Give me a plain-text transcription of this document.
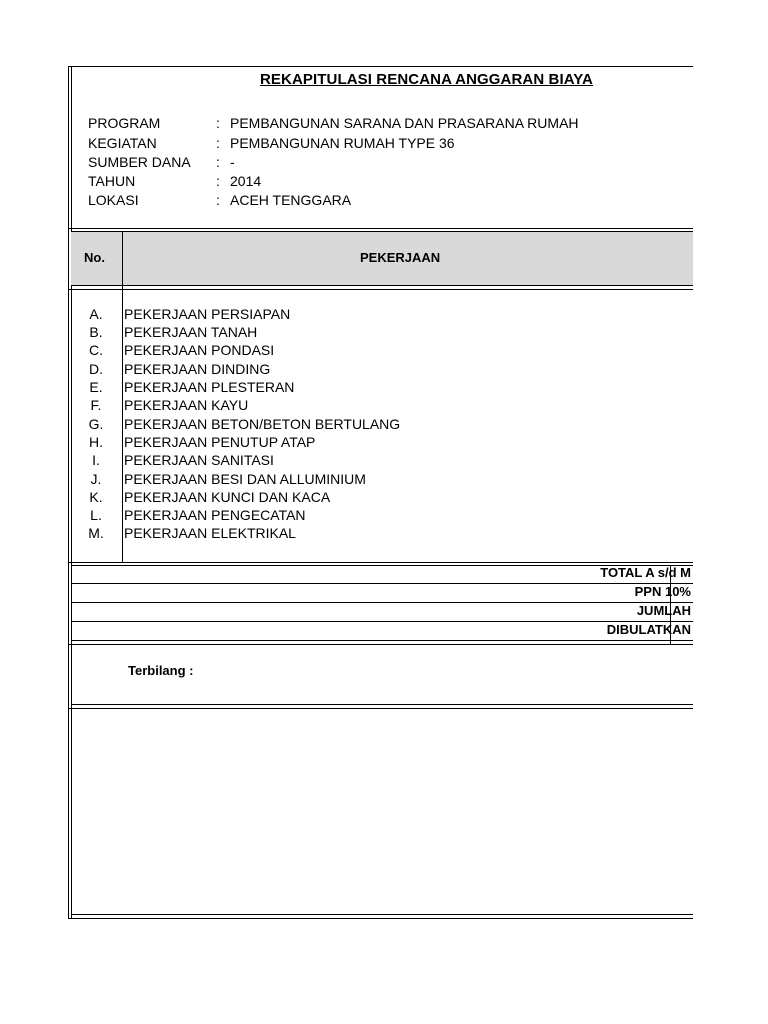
REKAPITULASI RENCANA ANGGARAN BIAYA
PROGRAM	: PEMBANGUNAN SARANA DAN PRASARANA RUMAH
KEGIATAN	: PEMBANGUNAN RUMAH TYPE 36
SUMBER DANA : -
TAHUN	: 2014
LOKASI	: ACEH TENGGARA
No.	PEKERJAAN
A. PEKERJAAN PERSIAPAN
B. PEKERJAAN TANAH
C. PEKERJAAN PONDASI
D. PEKERJAAN DINDING
E. PEKERJAAN PLESTERAN
F.	PEKERJAAN KAYU
G. PEKERJAAN BETON/BETON BERTULANG
H. PEKERJAAN PENUTUP ATAP
I.	PEKERJAAN SANITASI
J.	PEKERJAAN BESI DAN ALLUMINIUM
K. PEKERJAAN KUNCI DAN KACA
L. PEKERJAAN PENGECATAN
M. PEKERJAAN ELEKTRIKAL
TOTAL A s/d M
PPN 10%
JUMLAH
DIBULATKAN
Terbilang :
